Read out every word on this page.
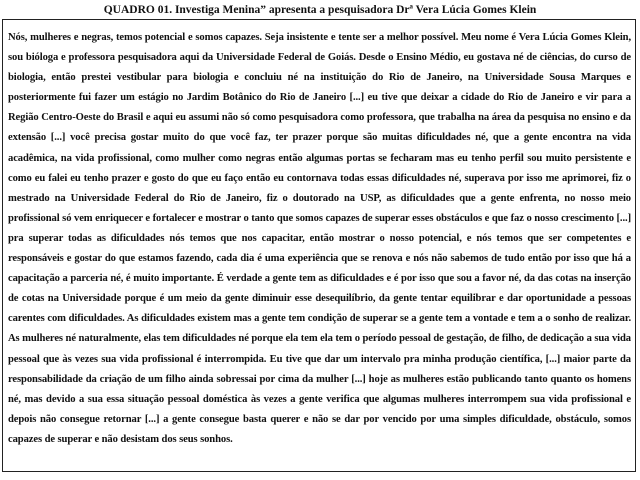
QUADRO 01. Investiga Menina” apresenta a pesquisadora Drª Vera Lúcia Gomes Klein

Nós, mulheres e negras, temos potencial e somos capazes. Seja insistente e tente ser a melhor possível. Meu nome é Vera Lúcia Gomes Klein, sou bióloga e professora pesquisadora aqui da Universidade Federal de Goiás. Desde o Ensino Médio, eu gostava né de ciências, do curso de biologia, então prestei vestibular para biologia e concluiu né na instituição do Rio de Janeiro, na Universidade Sousa Marques e posteriormente fui fazer um estágio no Jardim Botânico do Rio de Janeiro [...] eu tive que deixar a cidade do Rio de Janeiro e vir para a Região Centro-Oeste do Brasil e aqui eu assumi não só como pesquisadora como professora, que trabalha na área da pesquisa no ensino e da extensão [...] você precisa gostar muito do que você faz, ter prazer porque são muitas dificuldades né, que a gente encontra na vida acadêmica, na vida profissional, como mulher como negras então algumas portas se fecharam mas eu tenho perfil sou muito persistente e como eu falei eu tenho prazer e gosto do que eu faço então eu contornava todas essas dificuldades né, superava por isso me aprimorei, fiz o mestrado na Universidade Federal do Rio de Janeiro, fiz o doutorado na USP, as dificuldades que a gente enfrenta, no nosso meio profissional só vem enriquecer e fortalecer e mostrar o tanto que somos capazes de superar esses obstáculos e que faz o nosso crescimento [...] pra superar todas as dificuldades nós temos que nos capacitar, então mostrar o nosso potencial, e nós temos que ser competentes e responsáveis e gostar do que estamos fazendo, cada dia é uma experiência que se renova e nós não sabemos de tudo então por isso que há a capacitação a parceria né, é muito importante. É verdade a gente tem as dificuldades e é por isso que sou a favor né, da das cotas na inserção de cotas na Universidade porque é um meio da gente diminuir esse desequilíbrio, da gente tentar equilibrar e dar oportunidade a pessoas carentes com dificuldades. As dificuldades existem mas a gente tem condição de superar se a gente tem a vontade e tem a o sonho de realizar. As mulheres né naturalmente, elas tem dificuldades né porque ela tem ela tem o período pessoal de gestação, de filho, de dedicação a sua vida pessoal que às vezes sua vida profissional é interrompida. Eu tive que dar um intervalo pra minha produção científica, [...] maior parte da responsabilidade da criação de um filho ainda sobressai por cima da mulher [...] hoje as mulheres estão publicando tanto quanto os homens né, mas devido a sua essa situação pessoal doméstica às vezes a gente verifica que algumas mulheres interrompem sua vida profissional e depois não consegue retornar [...] a gente consegue basta querer e não se dar por vencido por uma simples dificuldade, obstáculo, somos capazes de superar e não desistam dos seus sonhos.
